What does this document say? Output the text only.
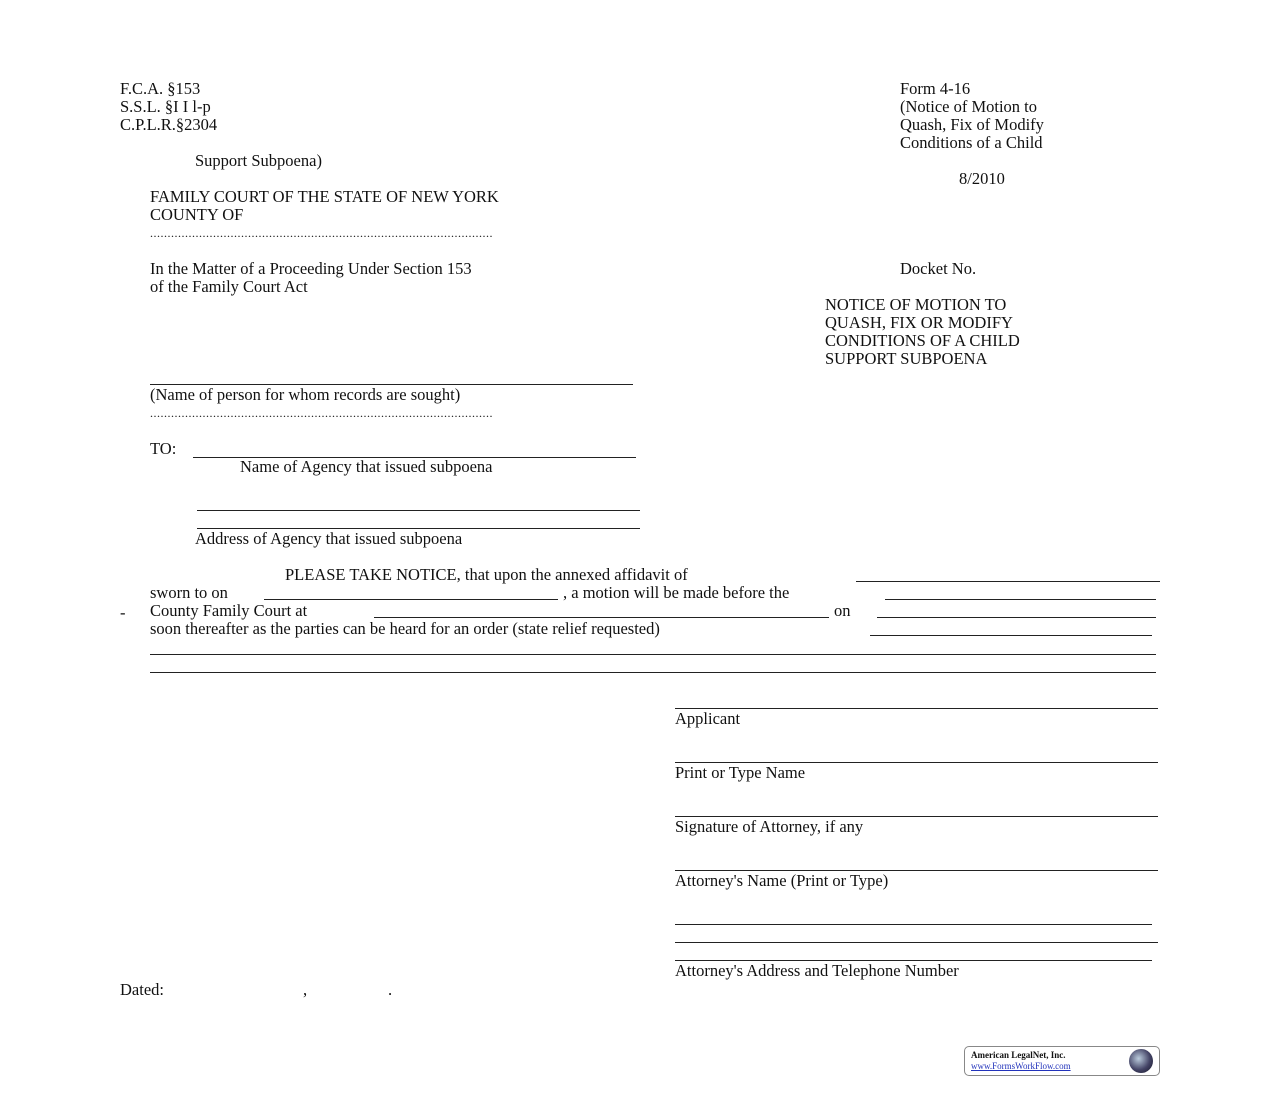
F.C.A. §153
S.S.L. §I I l-p
C.P.L.R.§2304
Form 4-16
(Notice of Motion to
Quash, Fix of Modify
Conditions of a Child
Support Subpoena)
8/2010
FAMILY COURT OF THE STATE OF NEW YORK
COUNTY OF
..................................................................................................
In the Matter of a Proceeding Under Section 153
of the Family Court Act
Docket No.
NOTICE OF MOTION TO
QUASH, FIX OR MODIFY
CONDITIONS OF A CHILD
SUPPORT SUBPOENA
(Name of person for whom records are sought)
..................................................................................................
TO:
Name of Agency that issued subpoena
Address of Agency that issued subpoena
PLEASE TAKE NOTICE, that upon the annexed affidavit of
sworn to on	, a motion will be made before the
- County Family Court at	on
soon thereafter as the parties can be heard for an order (state relief requested)
Applicant
Print or Type Name
Signature of Attorney, if any
Attorney's Name (Print or Type)
Attorney's Address and Telephone Number
Dated:	,	.
American LegalNet, Inc.
www.FormsWorkFlow.com
